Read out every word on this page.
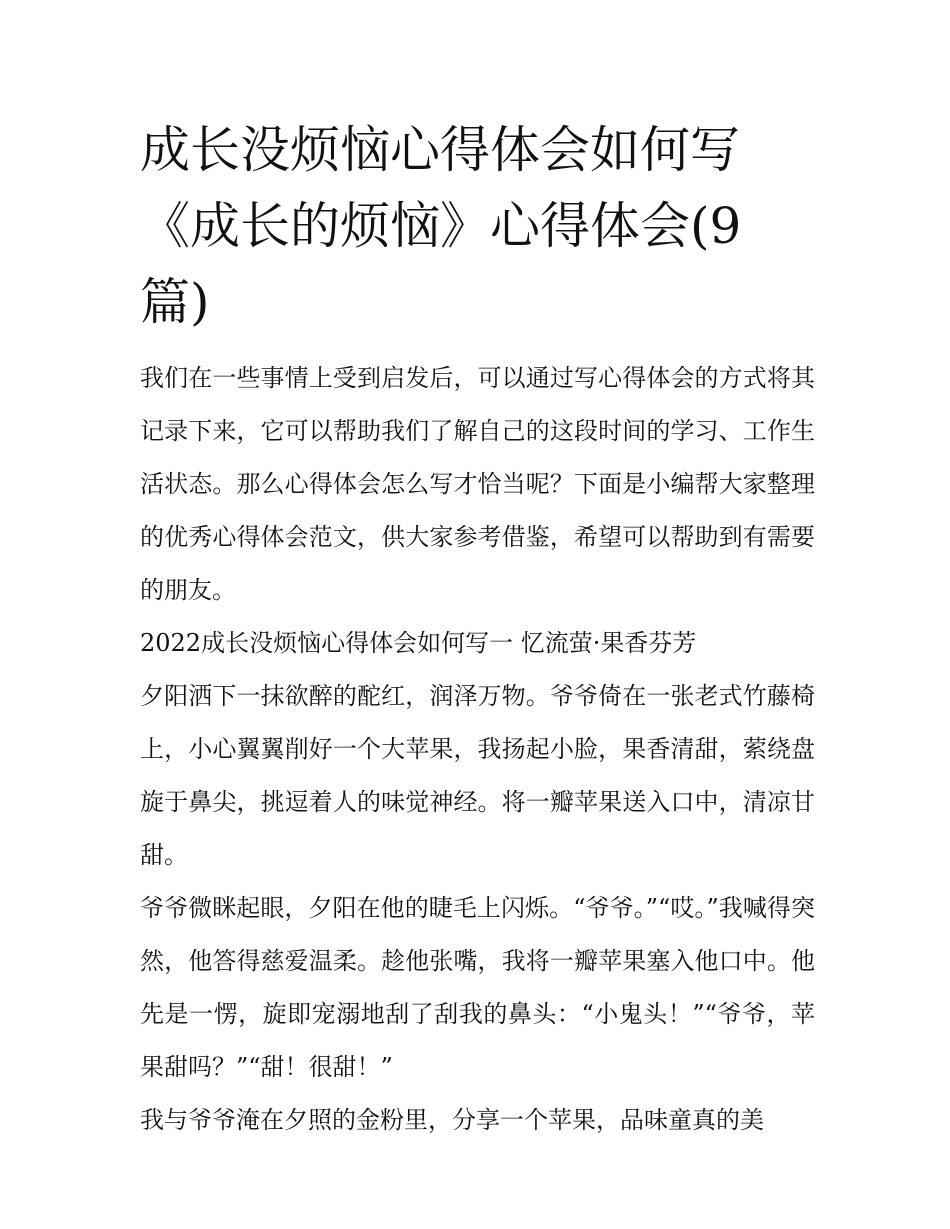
成长没烦恼心得体会如何写《成长的烦恼》心得体会(9篇)

我们在一些事情上受到启发后，可以通过写心得体会的方式将其记录下来，它可以帮助我们了解自己的这段时间的学习、工作生活状态。那么心得体会怎么写才恰当呢？下面是小编帮大家整理的优秀心得体会范文，供大家参考借鉴，希望可以帮助到有需要的朋友。

2022成长没烦恼心得体会如何写一 忆流萤·果香芬芳

夕阳洒下一抹欲醉的酡红，润泽万物。爷爷倚在一张老式竹藤椅上，小心翼翼削好一个大苹果，我扬起小脸，果香清甜，萦绕盘旋于鼻尖，挑逗着人的味觉神经。将一瓣苹果送入口中，清凉甘甜。

爷爷微眯起眼，夕阳在他的睫毛上闪烁。“爷爷。”“哎。”我喊得突然，他答得慈爱温柔。趁他张嘴，我将一瓣苹果塞入他口中。他先是一愣，旋即宠溺地刮了刮我的鼻头：“小鬼头！”“爷爷，苹果甜吗？”“甜！很甜！”

我与爷爷淹在夕照的金粉里，分享一个苹果，品味童真的美
